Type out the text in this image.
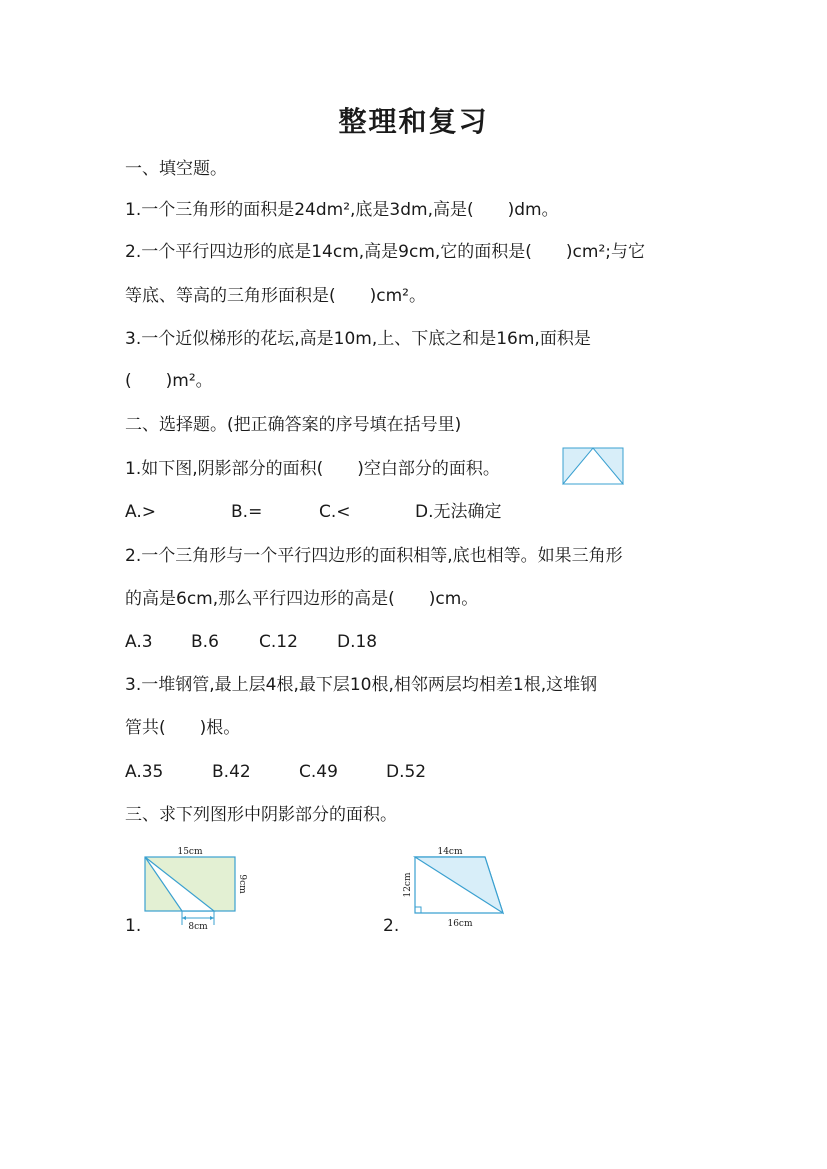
整理和复习
一、填空题。
1.一个三角形的面积是24dm²,底是3dm,高是(　　)dm。
2.一个平行四边形的底是14cm,高是9cm,它的面积是(　　)cm²;与它
等底、等高的三角形面积是(　　)cm²。
3.一个近似梯形的花坛,高是10m,上、下底之和是16m,面积是
(　　)m²。
二、选择题。(把正确答案的序号填在括号里)
1.如下图,阴影部分的面积(　　)空白部分的面积。
A.>	B.=	C.<	D.无法确定
2.一个三角形与一个平行四边形的面积相等,底也相等。如果三角形
的高是6cm,那么平行四边形的高是(　　)cm。
A.3 B.6 C.12 D.18
3.一堆钢管,最上层4根,最下层10根,相邻两层均相差1根,这堆钢
管共(　　)根。
A.35	B.42	C.49	D.52
三、求下列图形中阴影部分的面积。
1.
15cm
9cm
8cm	2.
14cm
12cm
16cm
